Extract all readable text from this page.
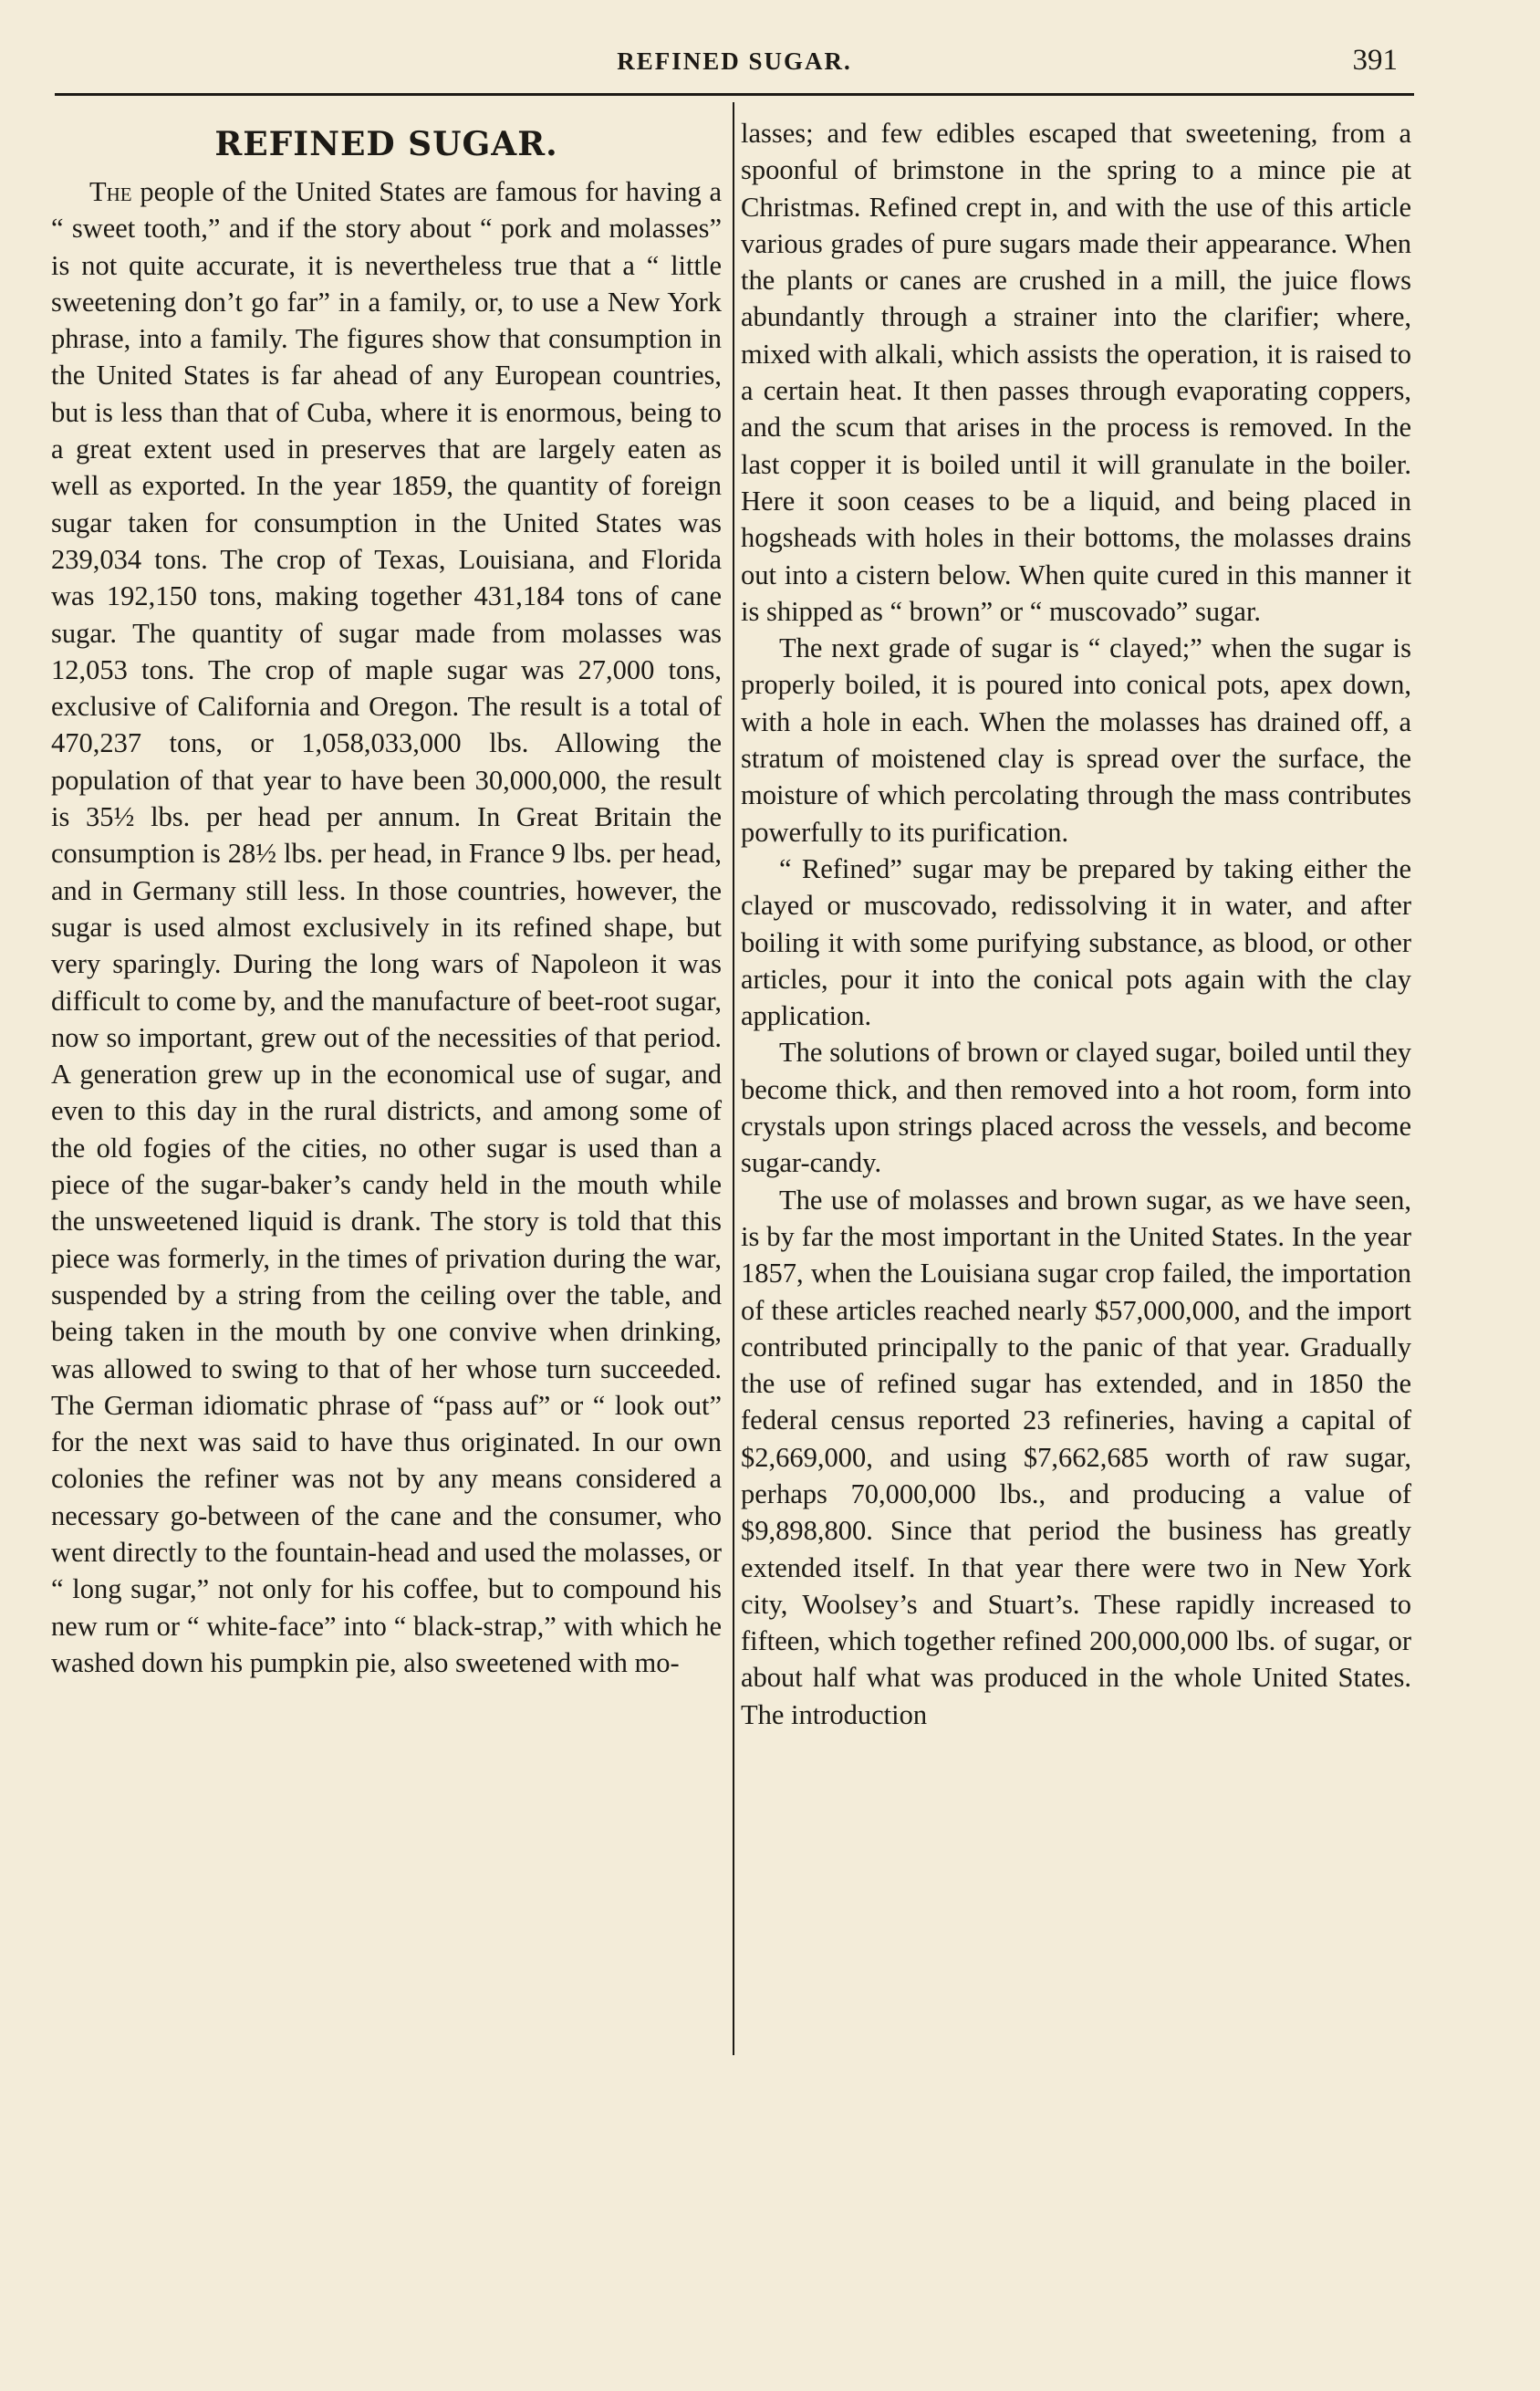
REFINED SUGAR.	391
REFINED SUGAR.

The people of the United States are famous for having a “ sweet tooth,” and if the story about “ pork and molasses” is not quite accurate, it is nevertheless true that a “ little sweetening don’t go far” in a family, or, to use a New York phrase, into a family. The figures show that consumption in the United States is far ahead of any European countries, but is less than that of Cuba, where it is enormous, being to a great extent used in preserves that are largely eaten as well as exported. In the year 1859, the quantity of foreign sugar taken for consumption in the United States was 239,034 tons. The crop of Texas, Louisiana, and Florida was 192,150 tons, making together 431,184 tons of cane sugar. The quantity of sugar made from molasses was 12,053 tons. The crop of maple sugar was 27,000 tons, exclusive of California and Oregon. The result is a total of 470,237 tons, or 1,058,033,000 lbs. Allowing the population of that year to have been 30,000,000, the result is 35½ lbs. per head per annum. In Great Britain the consumption is 28½ lbs. per head, in France 9 lbs. per head, and in Germany still less. In those countries, however, the sugar is used almost exclusively in its refined shape, but very sparingly. During the long wars of Napoleon it was difficult to come by, and the manufacture of beet-root sugar, now so important, grew out of the necessities of that period. A generation grew up in the economical use of sugar, and even to this day in the rural districts, and among some of the old fogies of the cities, no other sugar is used than a piece of the sugar-baker’s candy held in the mouth while the unsweetened liquid is drank. The story is told that this piece was formerly, in the times of privation during the war, suspended by a string from the ceiling over the table, and being taken in the mouth by one convive when drinking, was allowed to swing to that of her whose turn succeeded. The German idiomatic phrase of “pass auf” or “ look out” for the next was said to have thus originated. In our own colonies the refiner was not by any means considered a necessary go-between of the cane and the consumer, who went directly to the fountain-head and used the molasses, or “ long sugar,” not only for his coffee, but to compound his new rum or “ white-face” into “ black-strap,” with which he washed down his pumpkin pie, also sweetened with mo-

lasses; and few edibles escaped that sweetening, from a spoonful of brimstone in the spring to a mince pie at Christmas. Refined crept in, and with the use of this article various grades of pure sugars made their appearance. When the plants or canes are crushed in a mill, the juice flows abundantly through a strainer into the clarifier; where, mixed with alkali, which assists the operation, it is raised to a certain heat. It then passes through evaporating coppers, and the scum that arises in the process is removed. In the last copper it is boiled until it will granulate in the boiler. Here it soon ceases to be a liquid, and being placed in hogsheads with holes in their bottoms, the molasses drains out into a cistern below. When quite cured in this manner it is shipped as “ brown” or “ muscovado” sugar.

The next grade of sugar is “ clayed;” when the sugar is properly boiled, it is poured into conical pots, apex down, with a hole in each. When the molasses has drained off, a stratum of moistened clay is spread over the surface, the moisture of which percolating through the mass contributes powerfully to its purification.

“ Refined” sugar may be prepared by taking either the clayed or muscovado, redissolving it in water, and after boiling it with some purifying substance, as blood, or other articles, pour it into the conical pots again with the clay application.

The solutions of brown or clayed sugar, boiled until they become thick, and then removed into a hot room, form into crystals upon strings placed across the vessels, and become sugar-candy.

The use of molasses and brown sugar, as we have seen, is by far the most important in the United States. In the year 1857, when the Louisiana sugar crop failed, the importation of these articles reached nearly $57,000,000, and the import contributed principally to the panic of that year. Gradually the use of refined sugar has extended, and in 1850 the federal census reported 23 refineries, having a capital of $2,669,000, and using $7,662,685 worth of raw sugar, perhaps 70,000,000 lbs., and producing a value of $9,898,800. Since that period the business has greatly extended itself. In that year there were two in New York city, Woolsey’s and Stuart’s. These rapidly increased to fifteen, which together refined 200,000,000 lbs. of sugar, or about half what was produced in the whole United States. The introduction
